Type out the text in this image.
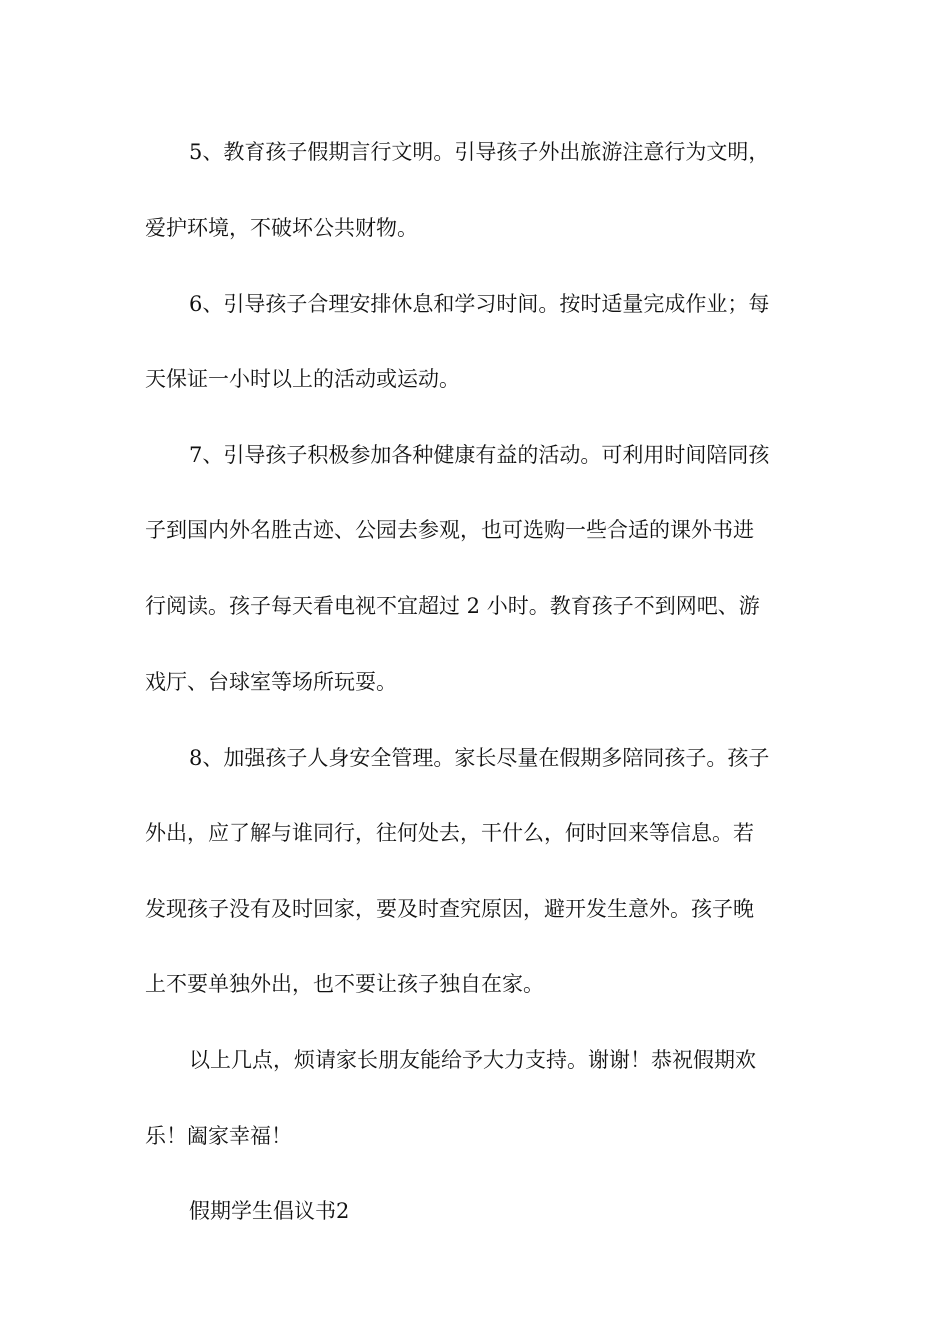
5、教育孩子假期言行文明。引导孩子外出旅游注意行为文明，
爱护环境，不破坏公共财物。
6、引导孩子合理安排休息和学习时间。按时适量完成作业；每
天保证一小时以上的活动或运动。
7、引导孩子积极参加各种健康有益的活动。可利用时间陪同孩
子到国内外名胜古迹、公园去参观，也可选购一些合适的课外书进
行阅读。孩子每天看电视不宜超过 2 小时。教育孩子不到网吧、游
戏厅、台球室等场所玩耍。
8、加强孩子人身安全管理。家长尽量在假期多陪同孩子。孩子
外出，应了解与谁同行，往何处去，干什么，何时回来等信息。若
发现孩子没有及时回家，要及时查究原因，避开发生意外。孩子晚
上不要单独外出，也不要让孩子独自在家。
以上几点，烦请家长朋友能给予大力支持。谢谢！恭祝假期欢
乐！阖家幸福！
假期学生倡议书2
